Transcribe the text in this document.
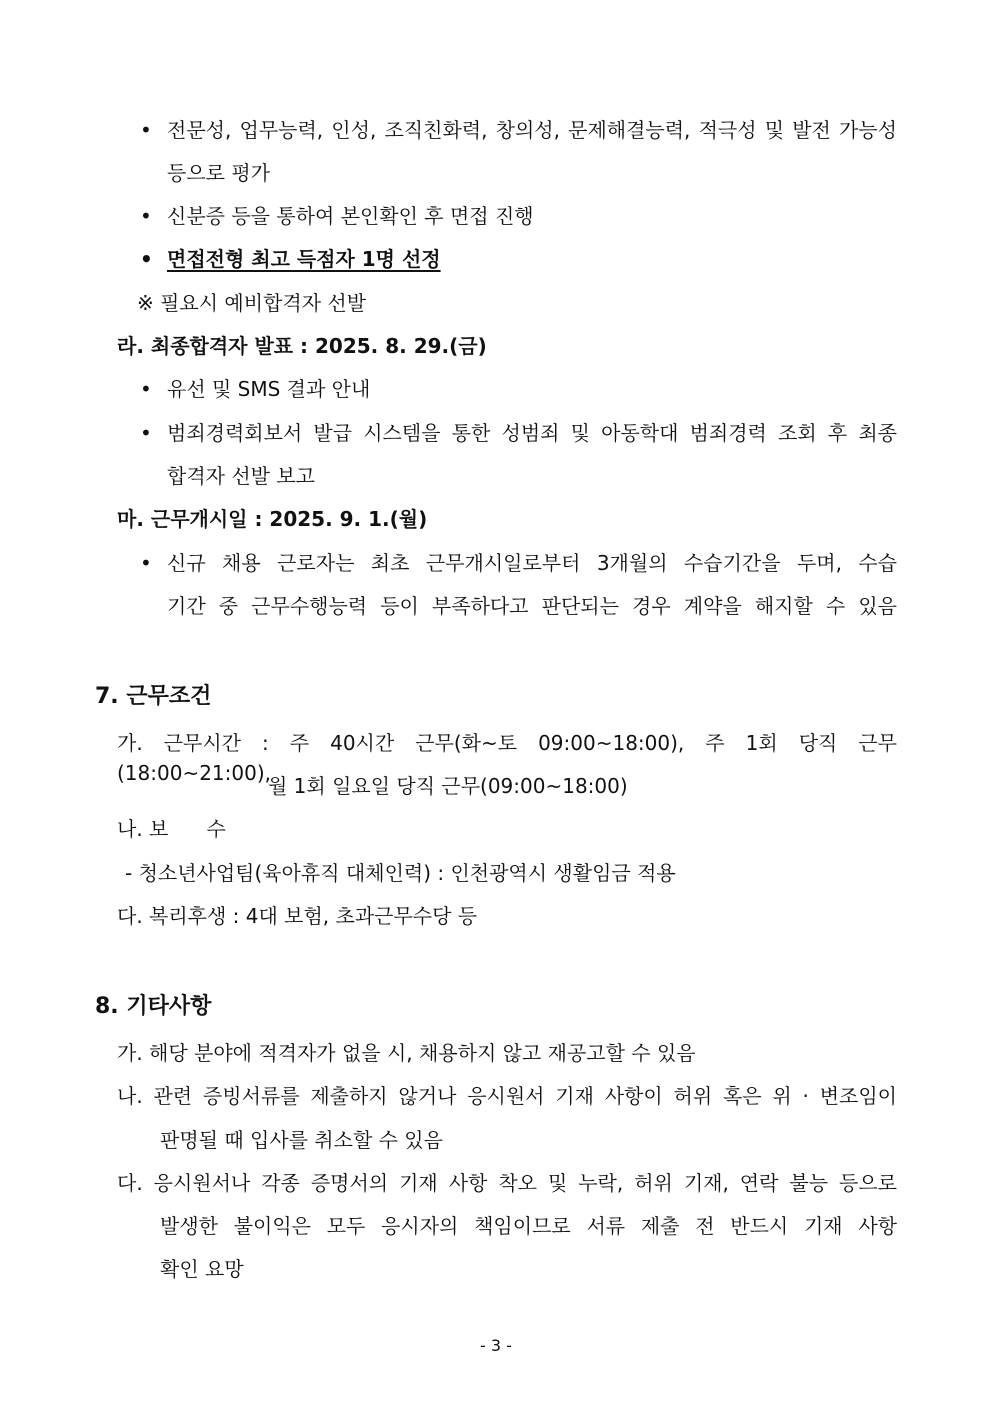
• 전문성, 업무능력, 인성, 조직친화력, 창의성, 문제해결능력, 적극성 및 발전 가능성
등으로 평가
• 신분증 등을 통하여 본인확인 후 면접 진행
• 면접전형 최고 득점자 1명 선정
※ 필요시 예비합격자 선발
라. 최종합격자 발표 : 2025. 8. 29.(금)
• 유선 및 SMS 결과 안내
• 범죄경력회보서 발급 시스템을 통한 성범죄 및 아동학대 범죄경력 조회 후 최종
합격자 선발 보고
마. 근무개시일 : 2025. 9. 1.(월)
• 신규 채용 근로자는 최초 근무개시일로부터 3개월의 수습기간을 두며, 수습
기간 중 근무수행능력 등이 부족하다고 판단되는 경우 계약을 해지할 수 있음
7. 근무조건
가. 근무시간 : 주 40시간 근무(화~토 09:00~18:00), 주 1회 당직 근무(18:00~21:00),
월 1회 일요일 당직 근무(09:00~18:00)
나. 보      수
- 청소년사업팀(육아휴직 대체인력) : 인천광역시 생활임금 적용
다. 복리후생 : 4대 보험, 초과근무수당 등
8. 기타사항
가. 해당 분야에 적격자가 없을 시, 채용하지 않고 재공고할 수 있음
나. 관련 증빙서류를 제출하지 않거나 응시원서 기재 사항이 허위 혹은 위 · 변조임이
판명될 때 입사를 취소할 수 있음
다. 응시원서나 각종 증명서의 기재 사항 착오 및 누락, 허위 기재, 연락 불능 등으로
발생한 불이익은 모두 응시자의 책임이므로 서류 제출 전 반드시 기재 사항
확인 요망
- 3 -
